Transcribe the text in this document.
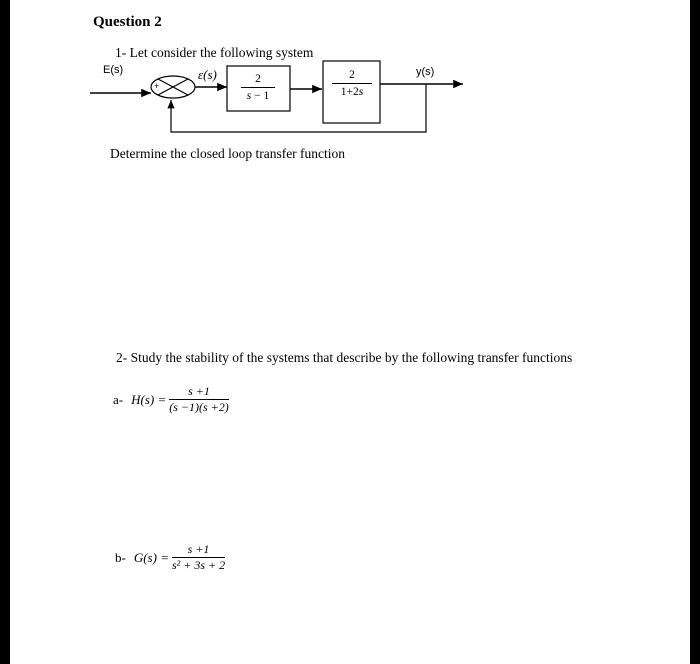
Question 2
1- Let consider the following system
E(s)	y(s)
ε(s)
+
2
s − 1
2
1+2s
Determine the closed loop transfer function
2- Study the stability of the systems that describe by the following transfer functions
a- $H(s) = \frac{s +1}{(s -1)(s +2)}$
b- $G(s) = \frac{s +1}{\text{s² + 3s + 2}}$
